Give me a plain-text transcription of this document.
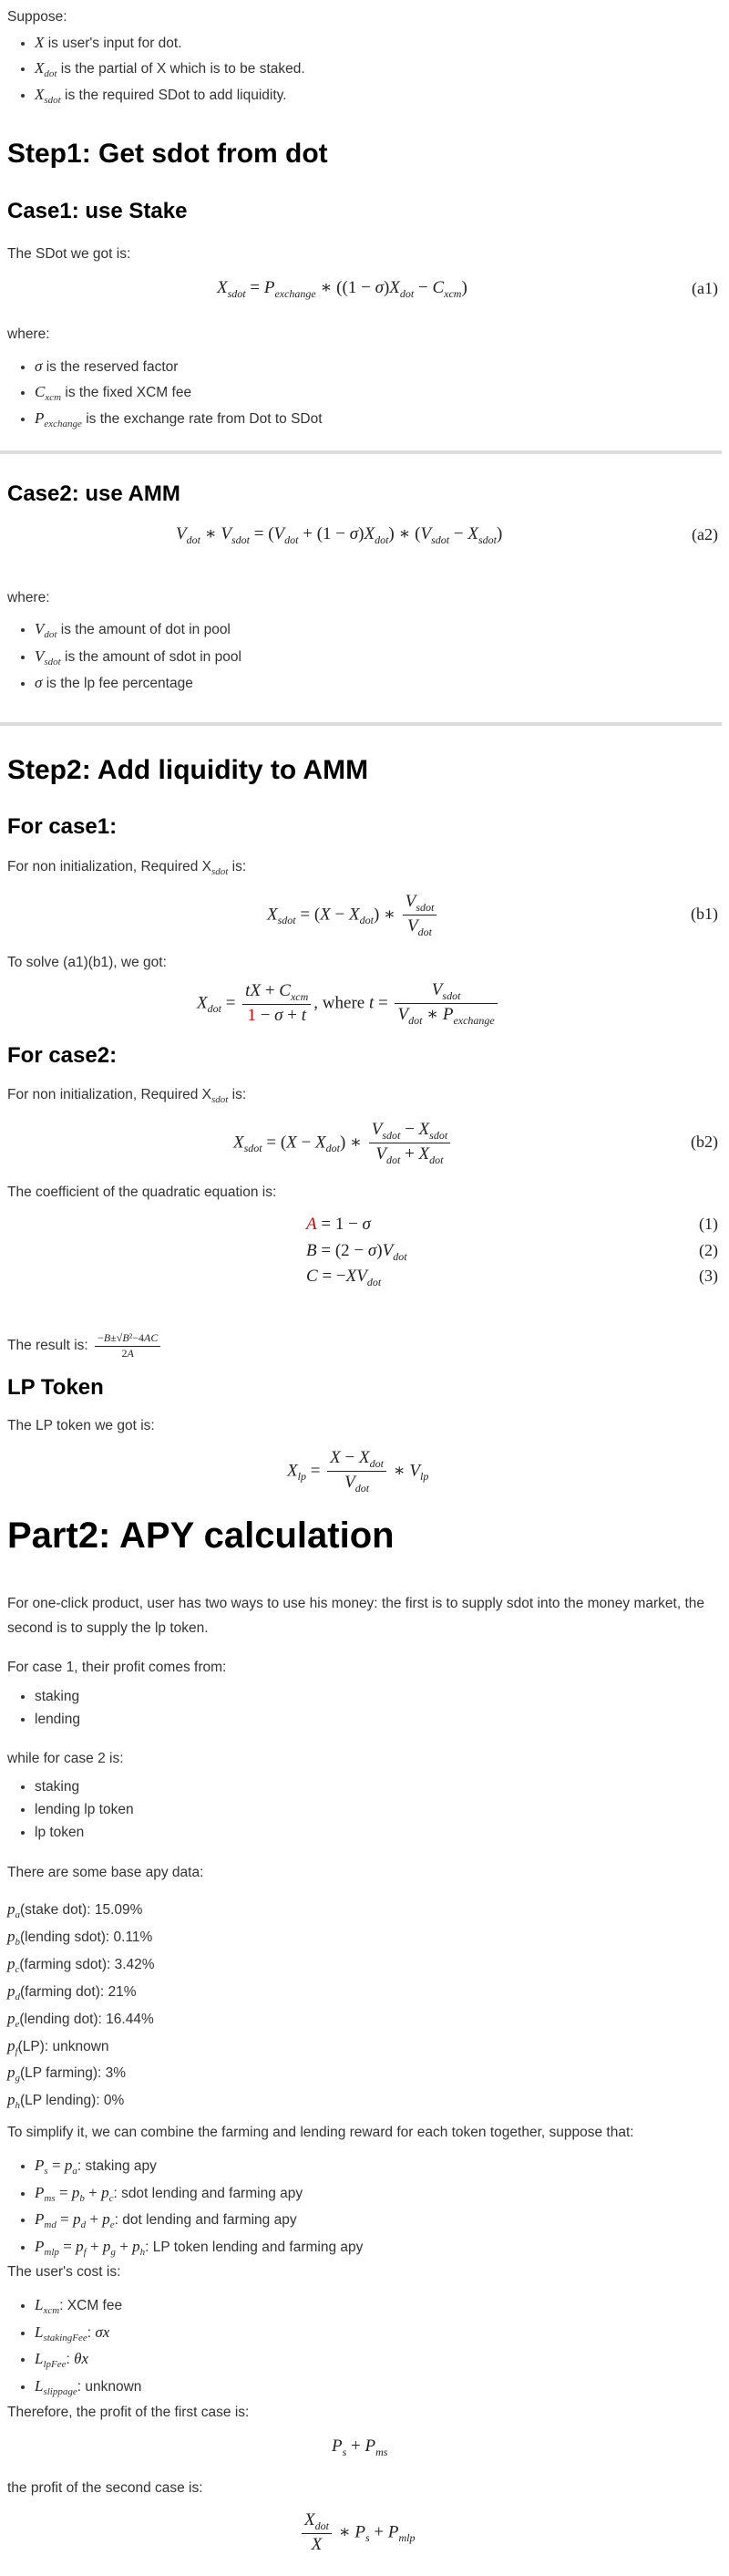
Suppose:

• X is user's input for dot.
• $X_{dot}$ is the partial of X which is to be staked.
• $X_{sdot}$ is the required SDot to add liquidity.
Step1: Get sdot from dot
Case1: use Stake

The SDot we got is:

$X_{sdot} = P_{exchange}$ ∗ $((1 - \sigma)X_{dot} - C_{xcm})$	(a1)

where:

• σ is the reserved factor
• $C_{xcm}$ is the fixed XCM fee
• $P_{exchange}$ is the exchange rate from Dot to SDot
Case2: use AMM
$V_{dot}$ ∗ $V_{sdot} = (V_{dot} + (1 - \sigma)X_{dot})$ ∗ $(V_{sdot} - X_{sdot})$	(a2)

where:

• $V_{dot}$ is the amount of dot in pool
• $V_{sdot}$ is the amount of sdot in pool
• σ is the lp fee percentage
Step2: Add liquidity to AMM
For case1:

For non initialization, Required $X_{sdot}$ is:

$X_{sdot} = (X - X_{dot})$ ∗ $\frac{V_{sdot}}{V_{dot}}$	(b1)

To solve (a1)(b1), we got:

$X_{dot} = \frac{tX + C_{xcm}}{1 - \sigma + t}$ , where $t = \frac{V_{sdot}}{V_{dot} ∗ P_{exchange}}$
For case2:

For non initialization, Required $X_{sdot}$ is:

$X_{sdot} = (X - X_{dot})$ ∗ $\frac{V_{sdot} - X_{sdot}}{V_{dot} + X_{dot}}$	(b2)

The coefficient of the quadratic equation is:

A = 1 − σ	(1)
$B = (2 - \sigma)V_{dot}$	(2)
$C = -XV_{dot}$	(3)

The result is: $\frac{\text{−B±√B²−4AC}}{2A}$

LP Token

The LP token we got is:

$X_{lp} = \frac{X - X_{dot}}{V_{dot}}$ ∗ $V_{lp}$
Part2: APY calculation

For one-click product, user has two ways to use his money: the first is to supply sdot into the money market, the second is to supply the lp token.

For case 1, their profit comes from:

• staking
• lending

while for case 2 is:

• staking
• lending lp token
• lp token

There are some base apy data:

$p_a(stake$ dot): 15.09%
$p_b(lending$ sdot): 0.11%
$p_c(farming$ sdot): 3.42%
$p_d(farming$ dot): 21%
$p_e(lending$ dot): 16.44%
$p_f(LP)$: unknown
$p_g(LP$ farming): 3%
$p_h(LP$ lending): 0%

To simplify it, we can combine the farming and lending reward for each token together, suppose that:

• $P_s = p_a$: staking apy
• $P_{ms} = p_b + p_c$: sdot lending and farming apy
• $P_{md} = p_d + p_e$: dot lending and farming apy
• $P_{mlp} = p_f + p_g + p_h$: LP token lending and farming apy

The user's cost is:

• $L_{xcm}$: XCM fee
• $L_{stakingFee}$: σx
• $L_{lpFee}$: θx
• $L_{slippage}$: unknown

Therefore, the profit of the first case is:

$P_s + P_{ms}$

the profit of the second case is:

$\frac{X_{dot}}{X}$ ∗ $P_s + P_{mlp}$
